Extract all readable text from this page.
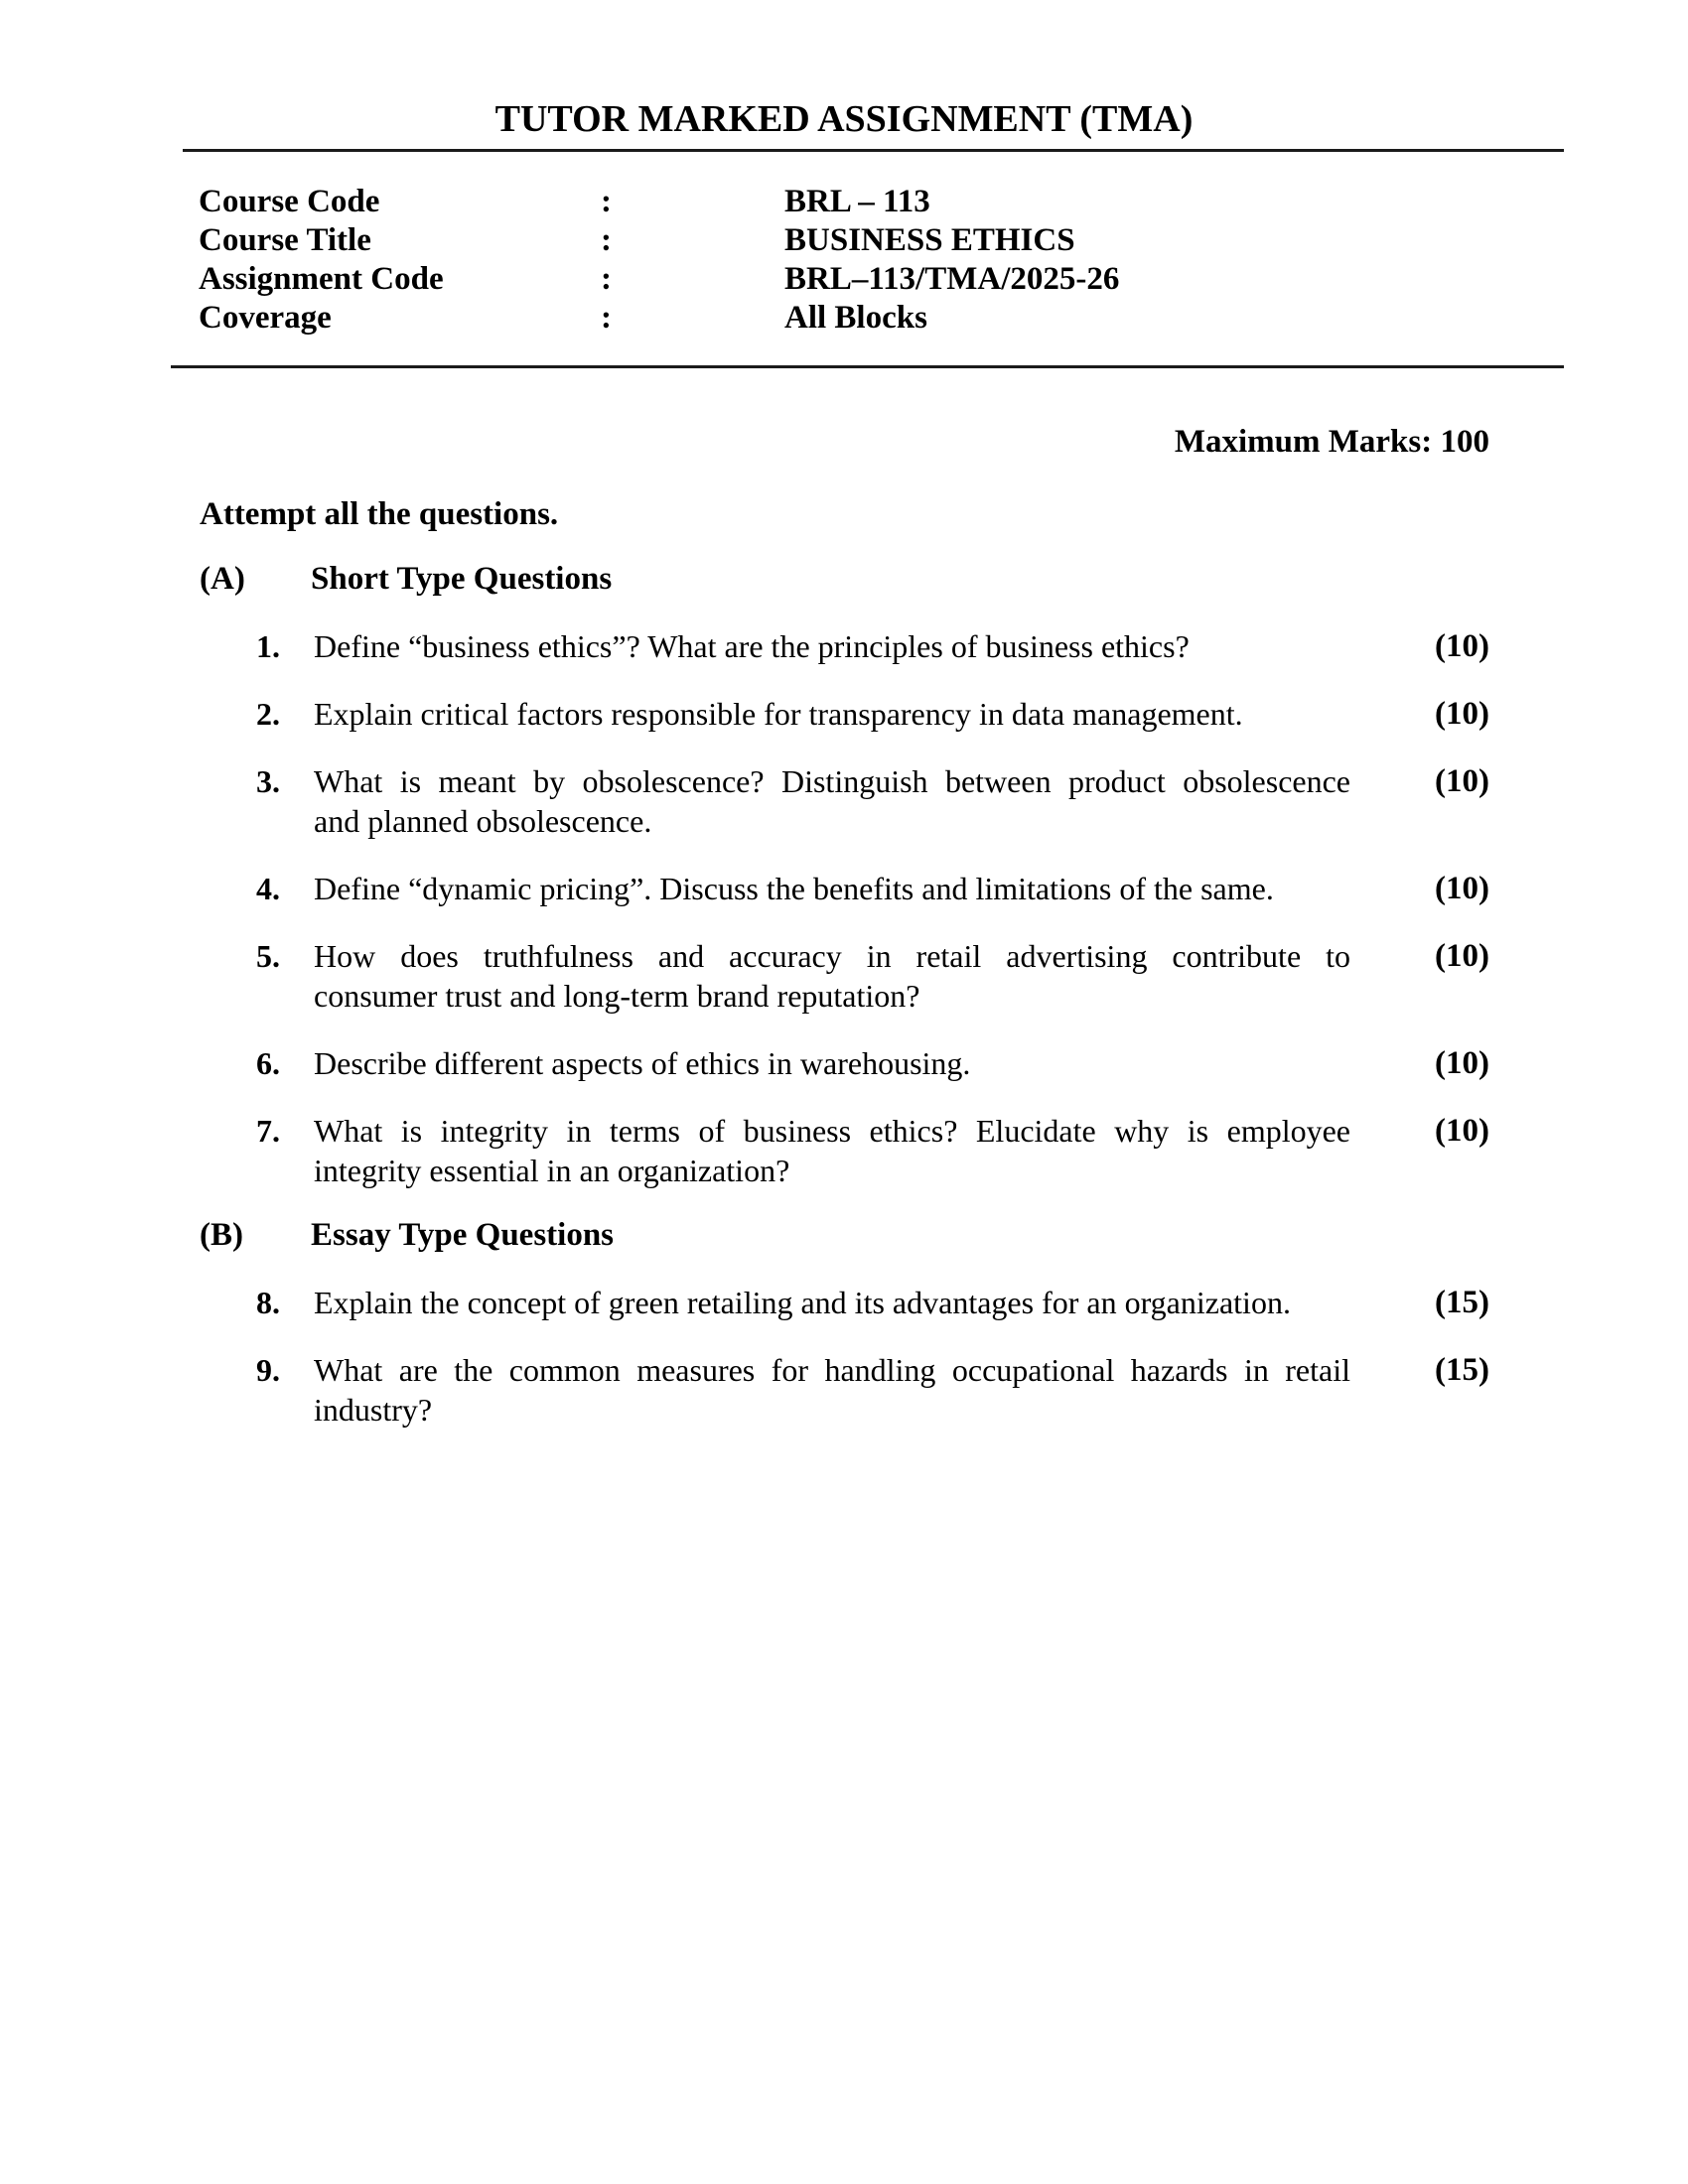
TUTOR MARKED ASSIGNMENT (TMA)
Course Code	:	BRL – 113
Course Title	:	BUSINESS ETHICS
Assignment Code	:	BRL–113/TMA/2025-26
Coverage	:	All Blocks
Maximum Marks: 100
Attempt all the questions.
(A)	Short Type Questions
1.	Define “business ethics”? What are the principles of business ethics?	(10)
2.	Explain critical factors responsible for transparency in data management.	(10)
3.	What is meant by obsolescence? Distinguish between product obsolescence
and planned obsolescence.
(10)
4.	Define “dynamic pricing”. Discuss the benefits and limitations of the same.	(10)
5.	How does truthfulness and accuracy in retail advertising contribute to
consumer trust and long-term brand reputation?
(10)
6.	Describe different aspects of ethics in warehousing.	(10)
7.	What is integrity in terms of business ethics? Elucidate why is employee
integrity essential in an organization?
(10)
(B)	Essay Type Questions
8.	Explain the concept of green retailing and its advantages for an organization.	(15)
9.	What are the common measures for handling occupational hazards in retail
industry?
(15)
